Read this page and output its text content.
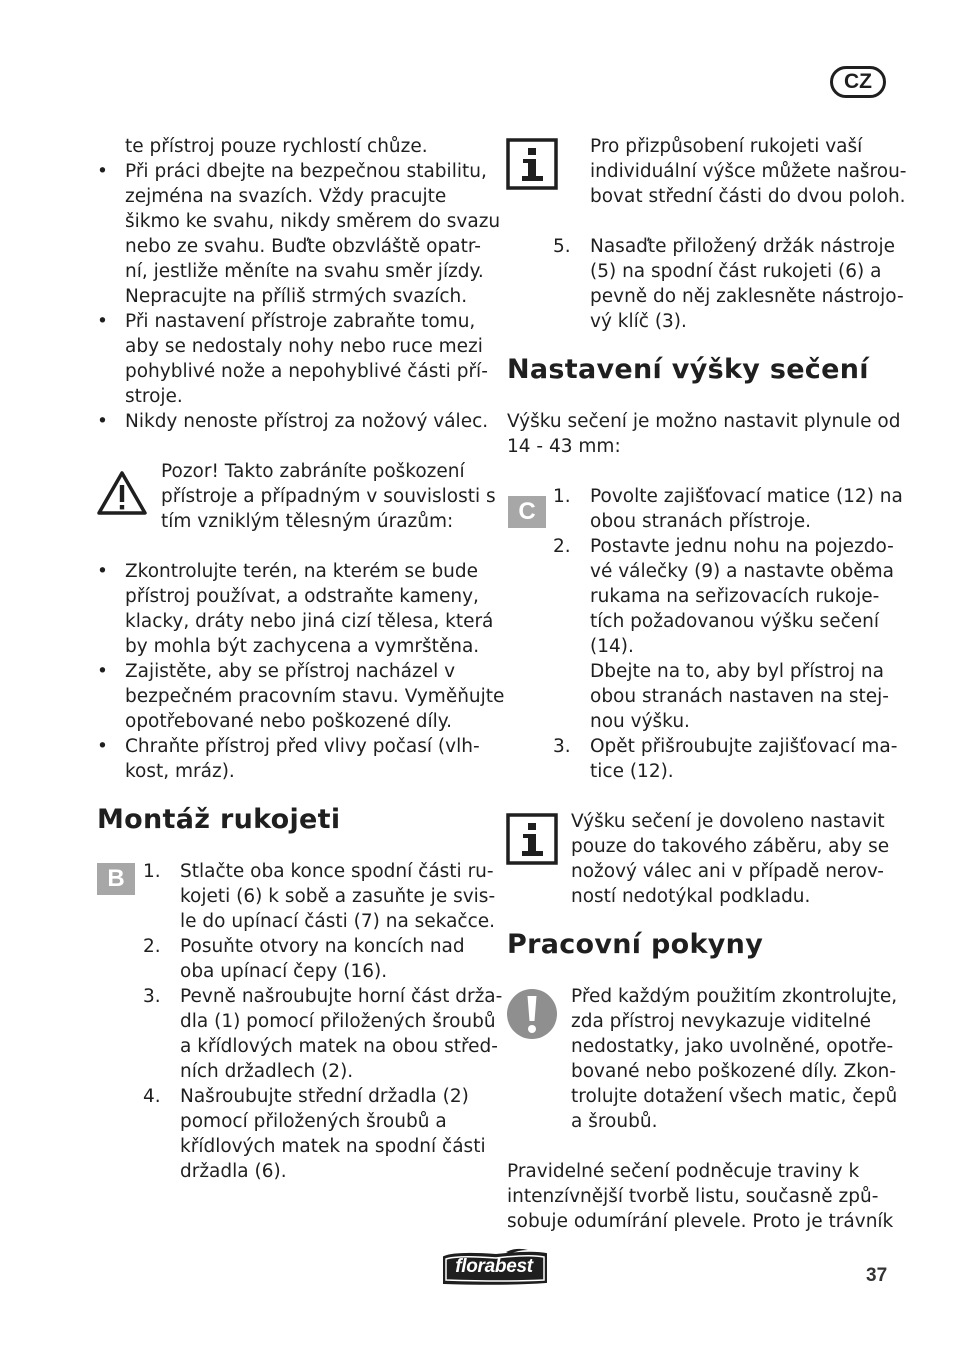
CZ
te přístroj pouze rychlostí chůze.
• Při práci dbejte na bezpečnou stabilitu,
zejména na svazích. Vždy pracujte
šikmo ke svahu, nikdy směrem do svazu
nebo ze svahu. Buďte obzvláště opatr-
ní, jestliže měníte na svahu směr jízdy.
Nepracujte na příliš strmých svazích.
• Při nastavení přístroje zabraňte tomu,
aby se nedostaly nohy nebo ruce mezi
pohyblivé nože a nepohyblivé části pří-
stroje.
• Nikdy nenoste přístroj za nožový válec.
Pozor! Takto zabráníte poškození
přístroje a případným v souvislosti s
tím vzniklým tělesným úrazům:
• Zkontrolujte terén, na kterém se bude
přístroj používat, a odstraňte kameny,
klacky, dráty nebo jiná cizí tělesa, která
by mohla být zachycena a vymrštěna.
• Zajistěte, aby se přístroj nacházel v
bezpečném pracovním stavu. Vyměňujte
opotřebované nebo poškozené díly.
• Chraňte přístroj před vlivy počasí (vlh-
kost, mráz).
Montáž rukojeti
B 1. Stlačte oba konce spodní části ru-
kojeti (6) k sobě a zasuňte je svis-
le do upínací části (7) na sekačce.
2. Posuňte otvory na koncích nad
oba upínací čepy (16).
3. Pevně našroubujte horní část drža-
dla (1) pomocí přiložených šroubů
a křídlových matek na obou střed-
ních držadlech (2).
4. Našroubujte střední držadla (2)
pomocí přiložených šroubů a
křídlových matek na spodní části
držadla (6).
Pro přizpůsobení rukojeti vaší
individuální výšce můžete našrou-
bovat střední části do dvou poloh.
5. Nasaďte přiložený držák nástroje
(5) na spodní část rukojeti (6) a
pevně do něj zaklesněte nástrojo-
vý klíč (3).
Nastavení výšky sečení
Výšku sečení je možno nastavit plynule od
14 - 43 mm:
C
1. Povolte zajišťovací matice (12) na
obou stranách přístroje.
2. Postavte jednu nohu na pojezdo-
vé válečky (9) a nastavte oběma
rukama na seřizovacích rukoje-
tích požadovanou výšku sečení
(14).
Dbejte na to, aby byl přístroj na
obou stranách nastaven na stej-
nou výšku.
3. Opět přišroubujte zajišťovací ma-
tice (12).
Výšku sečení je dovoleno nastavit
pouze do takového záběru, aby se
nožový válec ani v případě nerov-
ností nedotýkal podkladu.
Pracovní pokyny
Před každým použitím zkontrolujte,
zda přístroj nevykazuje viditelné
nedostatky, jako uvolněné, opotře-
bované nebo poškozené díly. Zkon-
trolujte dotažení všech matic, čepů
a šroubů.
Pravidelné sečení podněcuje traviny k
intenzívnější tvorbě listu, současně způ-
sobuje odumírání plevele. Proto je trávník
florabest	37
